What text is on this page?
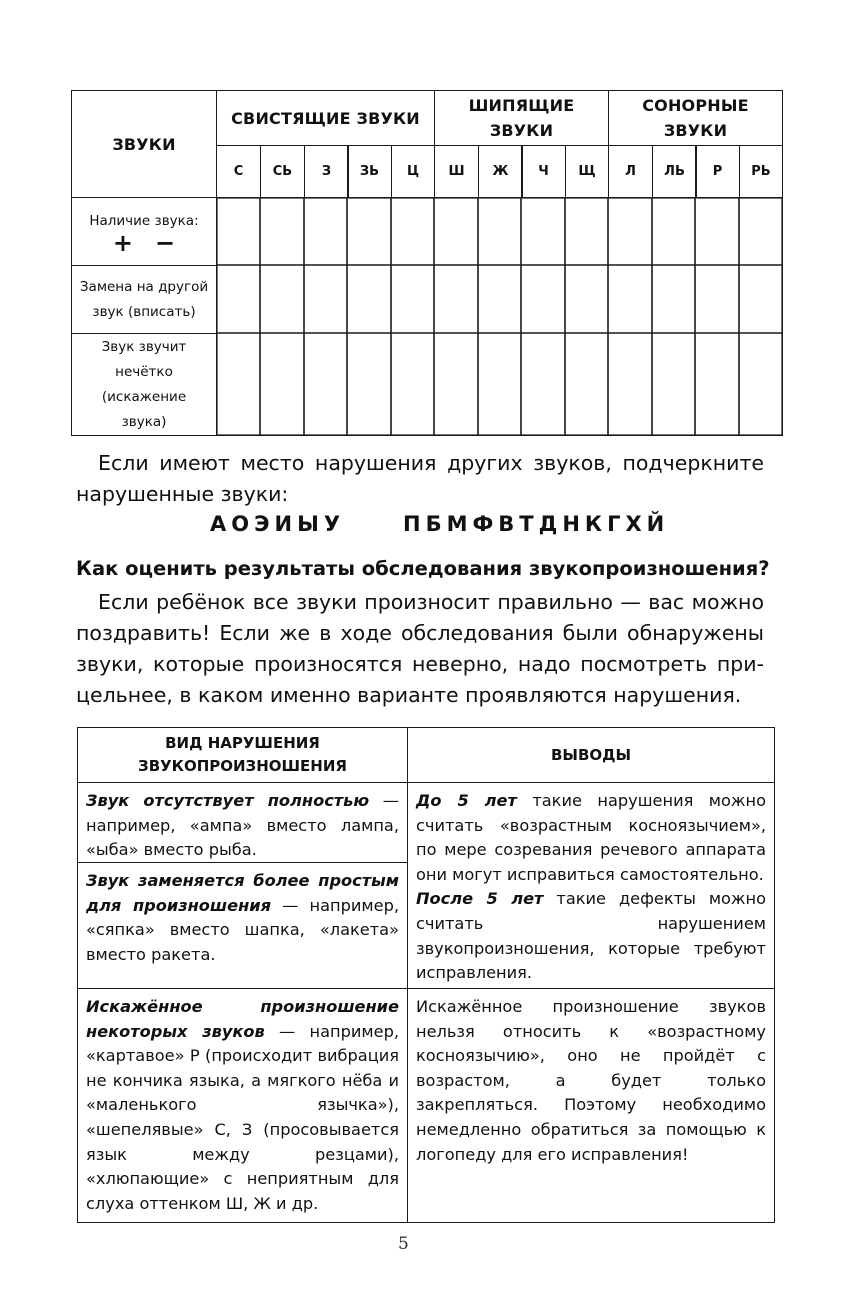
ЗВУКИ
СВИСТЯЩИЕ ЗВУКИ
ШИПЯЩИЕ
ЗВУКИ
СОНОРНЫЕ
ЗВУКИ
С СЬ З ЗЬ Ц Ш Ж Ч Щ Л ЛЬ Р РЬ
Наличие звука:
+−
Замена на другой
звук (вписать)
Звук звучит
нечётко
(искажение
звука)

Если имеют место нарушения других звуков, подчеркните нарушенные звуки:

АОЭИЫУ	ПБМФВТДНКГХЙ
Как оценить результаты обследования звукопроизношения?

Если ребёнок все звуки произносит правильно — вас можно поздравить! Если же в ходе обследования были обнаружены звуки, которые произносятся неверно, надо посмотреть прицельнее, в каком именно варианте проявляются нарушения.

ВИД НАРУШЕНИЯ
ЗВУКОПРОИЗНОШЕНИЯ
ВЫВОДЫ
Звук отсутствует полностью — например, «ампа» вместо лампа, «ыба» вместо рыба.
Звук заменяется более простым для произношения — например, «сяпка» вместо шапка, «лакета» вместо ракета.
До 5 лет такие нарушения можно считать «возрастным косноязычием», по мере созревания речевого аппарата они могут исправиться самостоятельно.
После 5 лет такие дефекты можно считать нарушением звукопроизношения, которые требуют исправления.
Искажённое произношение некоторых звуков — например, «картавое» Р (происходит вибрация не кончика языка, а мягкого нёба и «маленького язычка»), «шепелявые» С, З (просовывается язык между резцами), «хлюпающие» с неприятным для слуха оттенком Ш, Ж и др.
Искажённое произношение звуков нельзя относить к «возрастному косноязычию», оно не пройдёт с возрастом, а будет только закрепляться. Поэтому необходимо немедленно обратиться за помощью к логопеду для его исправления!
5
